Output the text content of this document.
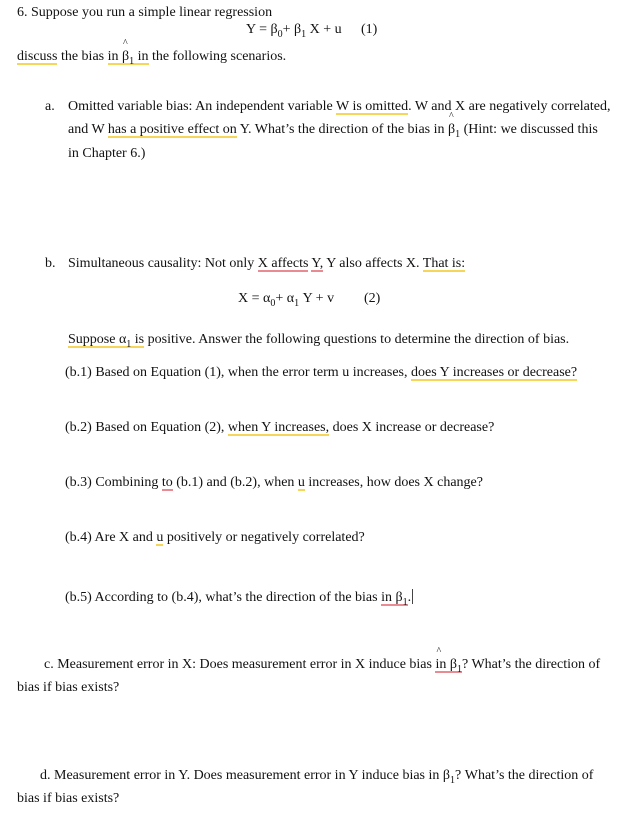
6. Suppose you run a simple linear regression
$Y = \beta_0+ \beta_1$ X + u (1)
discuss the bias in ^ $\beta_1$ in the following scenarios.
a. Omitted variable bias: An independent variable W is omitted. W and X are negatively correlated,
and W has a positive effect on Y. What’s the direction of the bias in ^ $\beta_1$ (Hint: we discussed this
in Chapter 6.)
b. Simultaneous causality: Not only X affects Y, Y also affects X. That is:
$X = \alpha_0+ \alpha_1$ Y + v (2)
Suppose $\alpha_1$ is positive. Answer the following questions to determine the direction of bias.
(b.1) Based on Equation (1), when the error term u increases, does Y increases or decrease?
(b.2) Based on Equation (2), when Y increases, does X increase or decrease?
(b.3) Combining to (b.1) and (b.2), when u increases, how does X change?
(b.4) Are X and u positively or negatively correlated?
(b.5) According to (b.4), what’s the direction of the bias in $\beta_1$.
c. Measurement error in X: Does measurement error in X induce bias ^ in $\beta_1$? What’s the direction of
bias if bias exists?
d. Measurement error in Y. Does measurement error in Y induce bias in $\beta_1$? What’s the direction of
bias if bias exists?
